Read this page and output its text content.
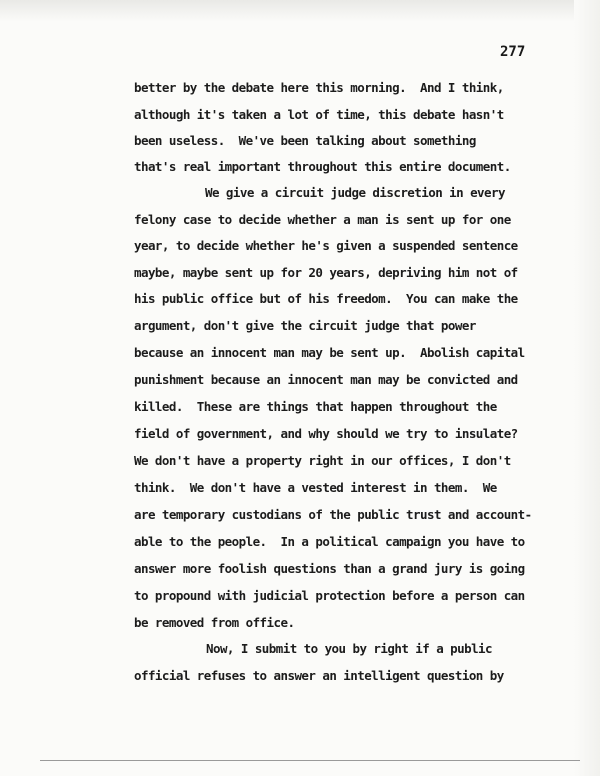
277
better by the debate here this morning.  And I think,
although it's taken a lot of time, this debate hasn't
been useless.  We've been talking about something
that's real important throughout this entire document.
We give a circuit judge discretion in every
felony case to decide whether a man is sent up for one
year, to decide whether he's given a suspended sentence
maybe, maybe sent up for 20 years, depriving him not of
his public office but of his freedom.  You can make the
argument, don't give the circuit judge that power
because an innocent man may be sent up.  Abolish capital
punishment because an innocent man may be convicted and
killed.  These are things that happen throughout the
field of government, and why should we try to insulate?
We don't have a property right in our offices, I don't
think.  We don't have a vested interest in them.  We
are temporary custodians of the public trust and account-
able to the people.  In a political campaign you have to
answer more foolish questions than a grand jury is going
to propound with judicial protection before a person can
be removed from office.
Now, I submit to you by right if a public
official refuses to answer an intelligent question by
